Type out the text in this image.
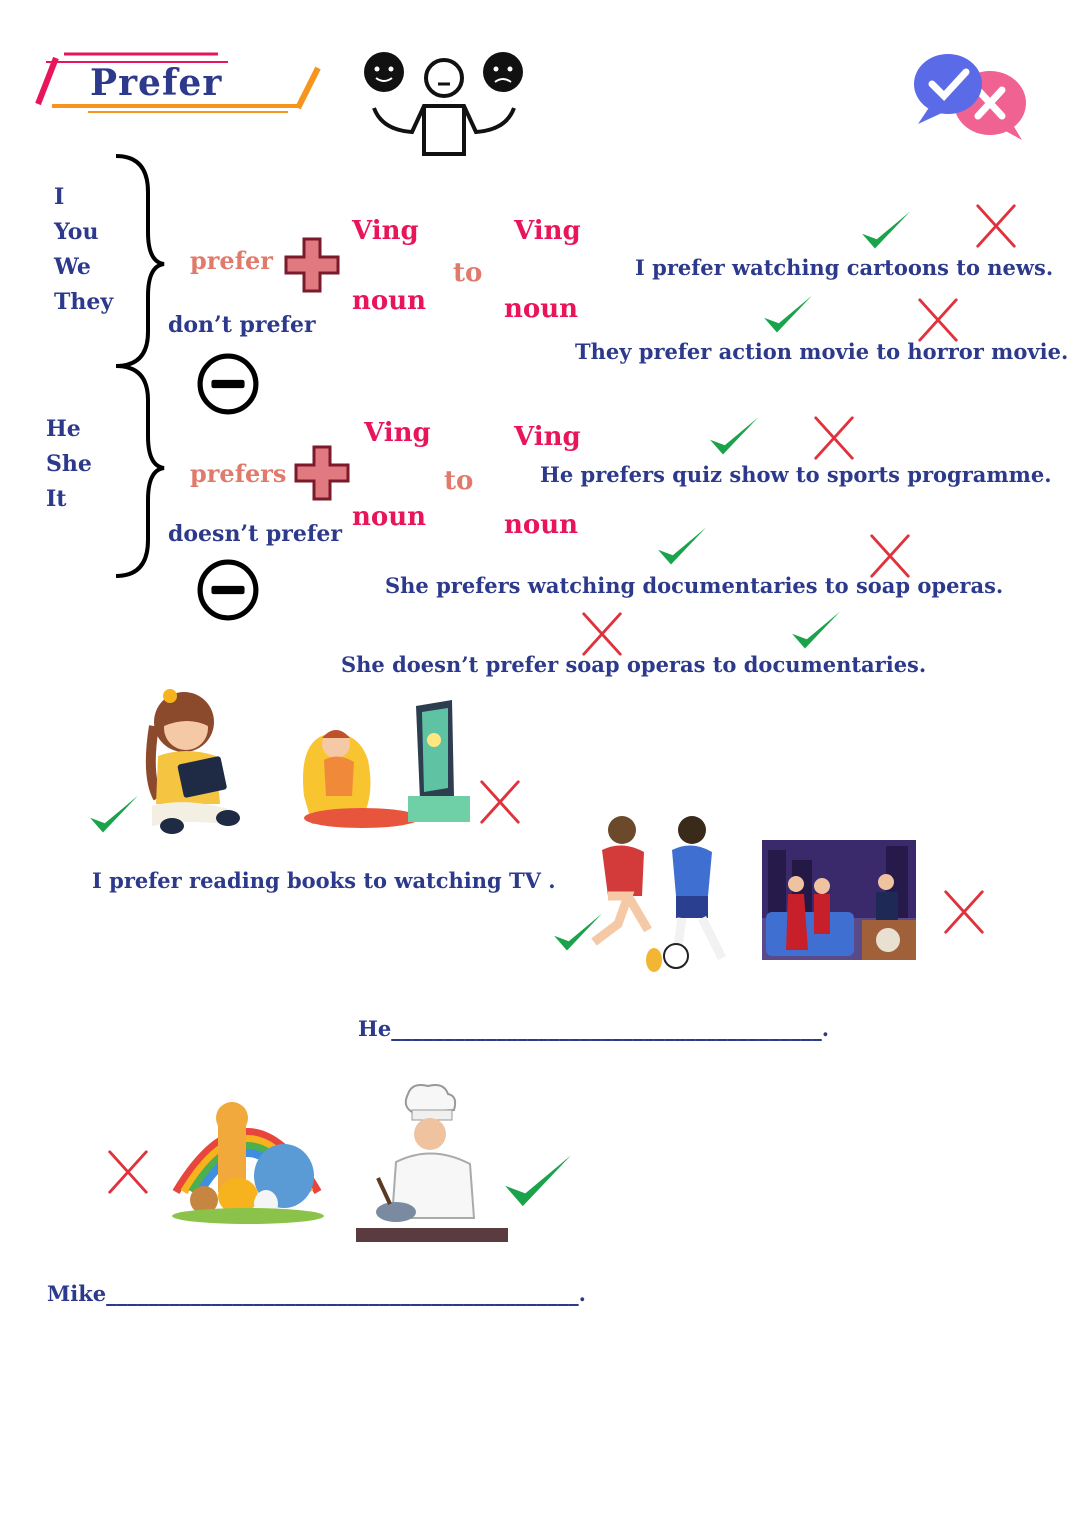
Prefer
I
You
We
They
He
She
It
prefer
don’t prefer
Ving
noun
to
Ving
noun
prefers
doesn’t prefer
Ving
noun
to
Ving
noun
I prefer watching cartoons to news.
They prefer action movie to horror movie.
He prefers quiz show to sports programme.
She prefers watching documentaries to soap operas.
She doesn’t prefer soap operas to documentaries.
I prefer reading books to watching TV .
He_________________________________________.
Mike_____________________________________________.
